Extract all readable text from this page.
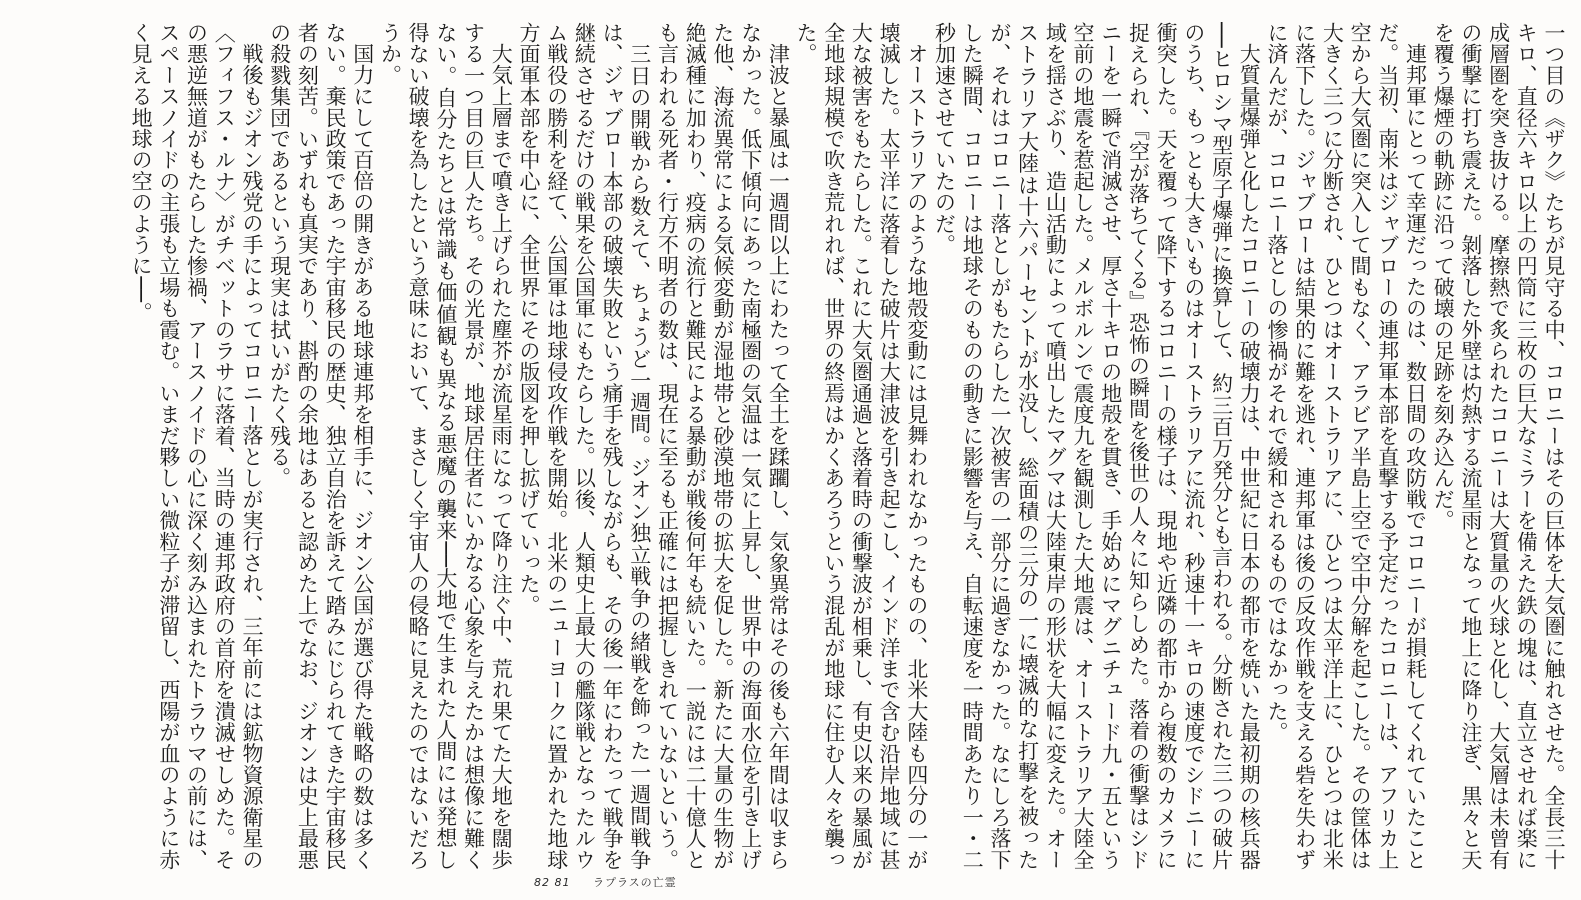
一つ目の《ザク》たちが見守る中、コロニーはその巨体を大気圏に触れさせた。全長三十キロ、直径六キロ以上の円筒に三枚の巨大なミラーを備えた鉄の塊は、直立させれば楽に成層圏を突き抜ける。摩擦熱で炙られたコロニーは大質量の火球と化し、大気層は未曾有の衝撃に打ち震えた。剝落した外壁は灼熱する流星雨となって地上に降り注ぎ、黒々と天を覆う爆煙の軌跡に沿って破壊の足跡を刻み込んだ。

連邦軍にとって幸運だったのは、数日間の攻防戦でコロニーが損耗してくれていたことだ。当初、南米はジャブローの連邦軍本部を直撃する予定だったコロニーは、アフリカ上空から大気圏に突入して間もなく、アラビア半島上空で空中分解を起こした。その筐体は大きく三つに分断され、ひとつはオーストラリアに、ひとつは太平洋上に、ひとつは北米に落下した。ジャブローは結果的に難を逃れ、連邦軍は後の反攻作戦を支える砦を失わずに済んだが、コロニー落としの惨禍がそれで緩和されるものではなかった。

大質量爆弾と化したコロニーの破壊力は、中世紀に日本の都市を焼いた最初期の核兵器──ヒロシマ型原子爆弾に換算して、約三百万発分とも言われる。分断された三つの破片のうち、もっとも大きいものはオーストラリアに流れ、秒速十一キロの速度でシドニーに衝突した。天を覆って降下するコロニーの様子は、現地や近隣の都市から複数のカメラに捉えられ、『空が落ちてくる』恐怖の瞬間を後世の人々に知らしめた。落着の衝撃はシドニーを一瞬で消滅させ、厚さ十キロの地殻を貫き、手始めにマグニチュード九・五という空前の地震を惹起した。メルボルンで震度九を観測した大地震は、オーストラリア大陸全域を揺さぶり、造山活動によって噴出したマグマは大陸東岸の形状を大幅に変えた。オーストラリア大陸は十六パーセントが水没し、総面積の三分の一に壊滅的な打撃を被ったが、それはコロニー落としがもたらした一次被害の一部分に過ぎなかった。なにしろ落下した瞬間、コロニーは地球そのものの動きに影響を与え、自転速度を一時間あたり一・二秒加速させていたのだ。

オーストラリアのような地殻変動には見舞われなかったものの、北米大陸も四分の一が壊滅した。太平洋に落着した破片は大津波を引き起こし、インド洋まで含む沿岸地域に甚大な被害をもたらした。これに大気圏通過と落着時の衝撃波が相乗し、有史以来の暴風が全地球規模で吹き荒れれば、世界の終焉はかくあろうという混乱が地球に住む人々を襲った。

津波と暴風は一週間以上にわたって全土を蹂躙し、気象異常はその後も六年間は収まらなかった。低下傾向にあった南極圏の気温は一気に上昇し、世界中の海面水位を引き上げた他、海流異常による気候変動が湿地帯と砂漠地帯の拡大を促した。新たに大量の生物が絶滅種に加わり、疫病の流行と難民による暴動が戦後何年も続いた。一説には二十億人とも言われる死者・行方不明者の数は、現在に至るも正確には把握しきれていないという。

三日の開戦から数えて、ちょうど一週間。ジオン独立戦争の緒戦を飾った一週間戦争は、ジャブロー本部の破壊失敗という痛手を残しながらも、その後一年にわたって戦争を継続させるだけの戦果を公国軍にもたらした。以後、人類史上最大の艦隊戦となったルウム戦役の勝利を経て、公国軍は地球侵攻作戦を開始。北米のニューヨークに置かれた地球方面軍本部を中心に、全世界にその版図を押し拡げていった。

大気上層まで噴き上げられた塵芥が流星雨になって降り注ぐ中、荒れ果てた大地を闊歩する一つ目の巨人たち。その光景が、地球居住者にいかなる心象を与えたかは想像に難くない。自分たちとは常識も価値観も異なる悪魔の襲来──大地で生まれた人間には発想し得ない破壊を為したという意味において、まさしく宇宙人の侵略に見えたのではないだろうか。

国力にして百倍の開きがある地球連邦を相手に、ジオン公国が選び得た戦略の数は多くない。棄民政策であった宇宙移民の歴史、独立自治を訴えて踏みにじられてきた宇宙移民者の刻苦。いずれも真実であり、斟酌の余地はあると認めた上でなお、ジオンは史上最悪の殺戮集団であるという現実は拭いがたく残る。

戦後もジオン残党の手によってコロニー落としが実行され、三年前には鉱物資源衛星の〈フィフス・ルナ〉がチベットのラサに落着、当時の連邦政府の首府を潰滅せしめた。その悪逆無道がもたらした惨禍、アースノイドの心に深く刻み込まれたトラウマの前には、スペースノイドの主張も立場も霞む。いまだ夥しい微粒子が滞留し、西陽が血のように赤く見える地球の空のように──。

82 81 ラプラスの亡霊
